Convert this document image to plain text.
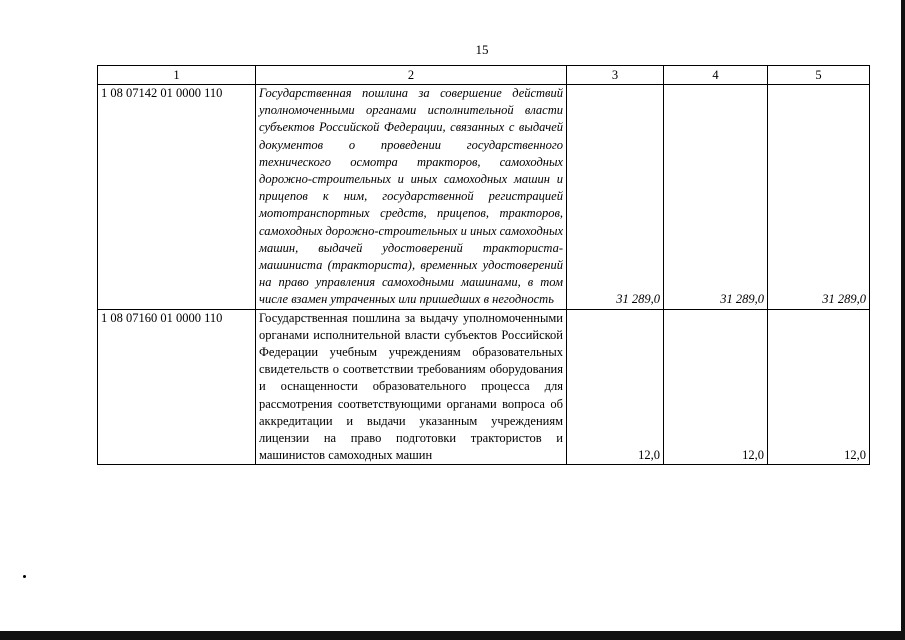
15
1	2	3	4	5
1 08 07142 01 0000 110	Государственная пошлина за совершение действий уполномоченными органами исполнительной власти субъектов Российской Федерации, связанных с выдачей документов о проведении государственного технического осмотра тракторов, самоходных дорожно-строительных и иных самоходных машин и прицепов к ним, государственной регистрацией мототранспортных средств, прицепов, тракторов, самоходных дорожно-строительных и иных самоходных машин, выдачей удостоверений тракториста-машиниста (тракториста), временных удостоверений на право управления самоходными машинами, в том числе взамен утраченных или пришедших в негодность	31 289,0	31 289,0	31 289,0
1 08 07160 01 0000 110	Государственная пошлина за выдачу уполномоченными органами исполнительной власти субъектов Российской Федерации учебным учреждениям образовательных свидетельств о соответствии требованиям оборудования и оснащенности образовательного процесса для рассмотрения соответствующими органами вопроса об аккредитации и выдачи указанным учреждениям лицензии на право подготовки трактористов и машинистов самоходных машин	12,0	12,0	12,0
